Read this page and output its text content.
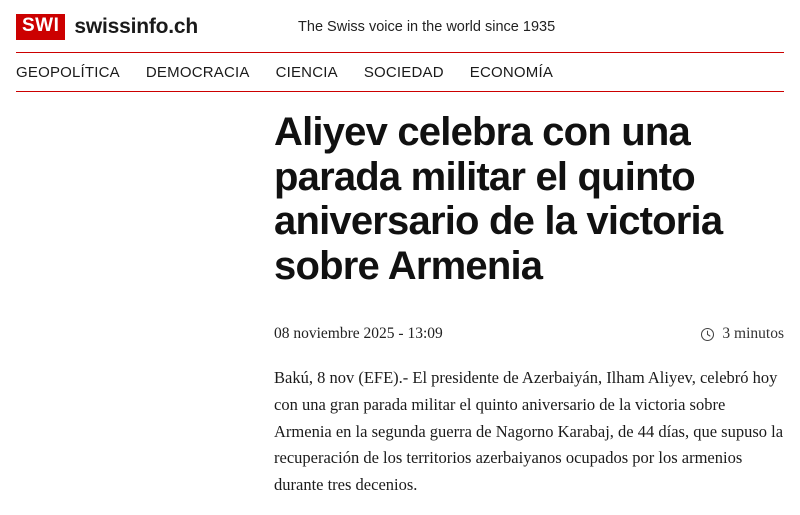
SWI swissinfo.ch	The Swiss voice in the world since 1935
GEOPOLÍTICA DEMOCRACIA CIENCIA SOCIEDAD ECONOMÍA
Aliyev celebra con una parada militar el quinto aniversario de la victoria sobre Armenia
08 noviembre 2025 - 13:09	3 minutos

Bakú, 8 nov (EFE).- El presidente de Azerbaiyán, Ilham Aliyev, celebró hoy con una gran parada militar el quinto aniversario de la victoria sobre Armenia en la segunda guerra de Nagorno Karabaj, de 44 días, que supuso la recuperación de los territorios azerbaiyanos ocupados por los armenios durante tres decenios.
